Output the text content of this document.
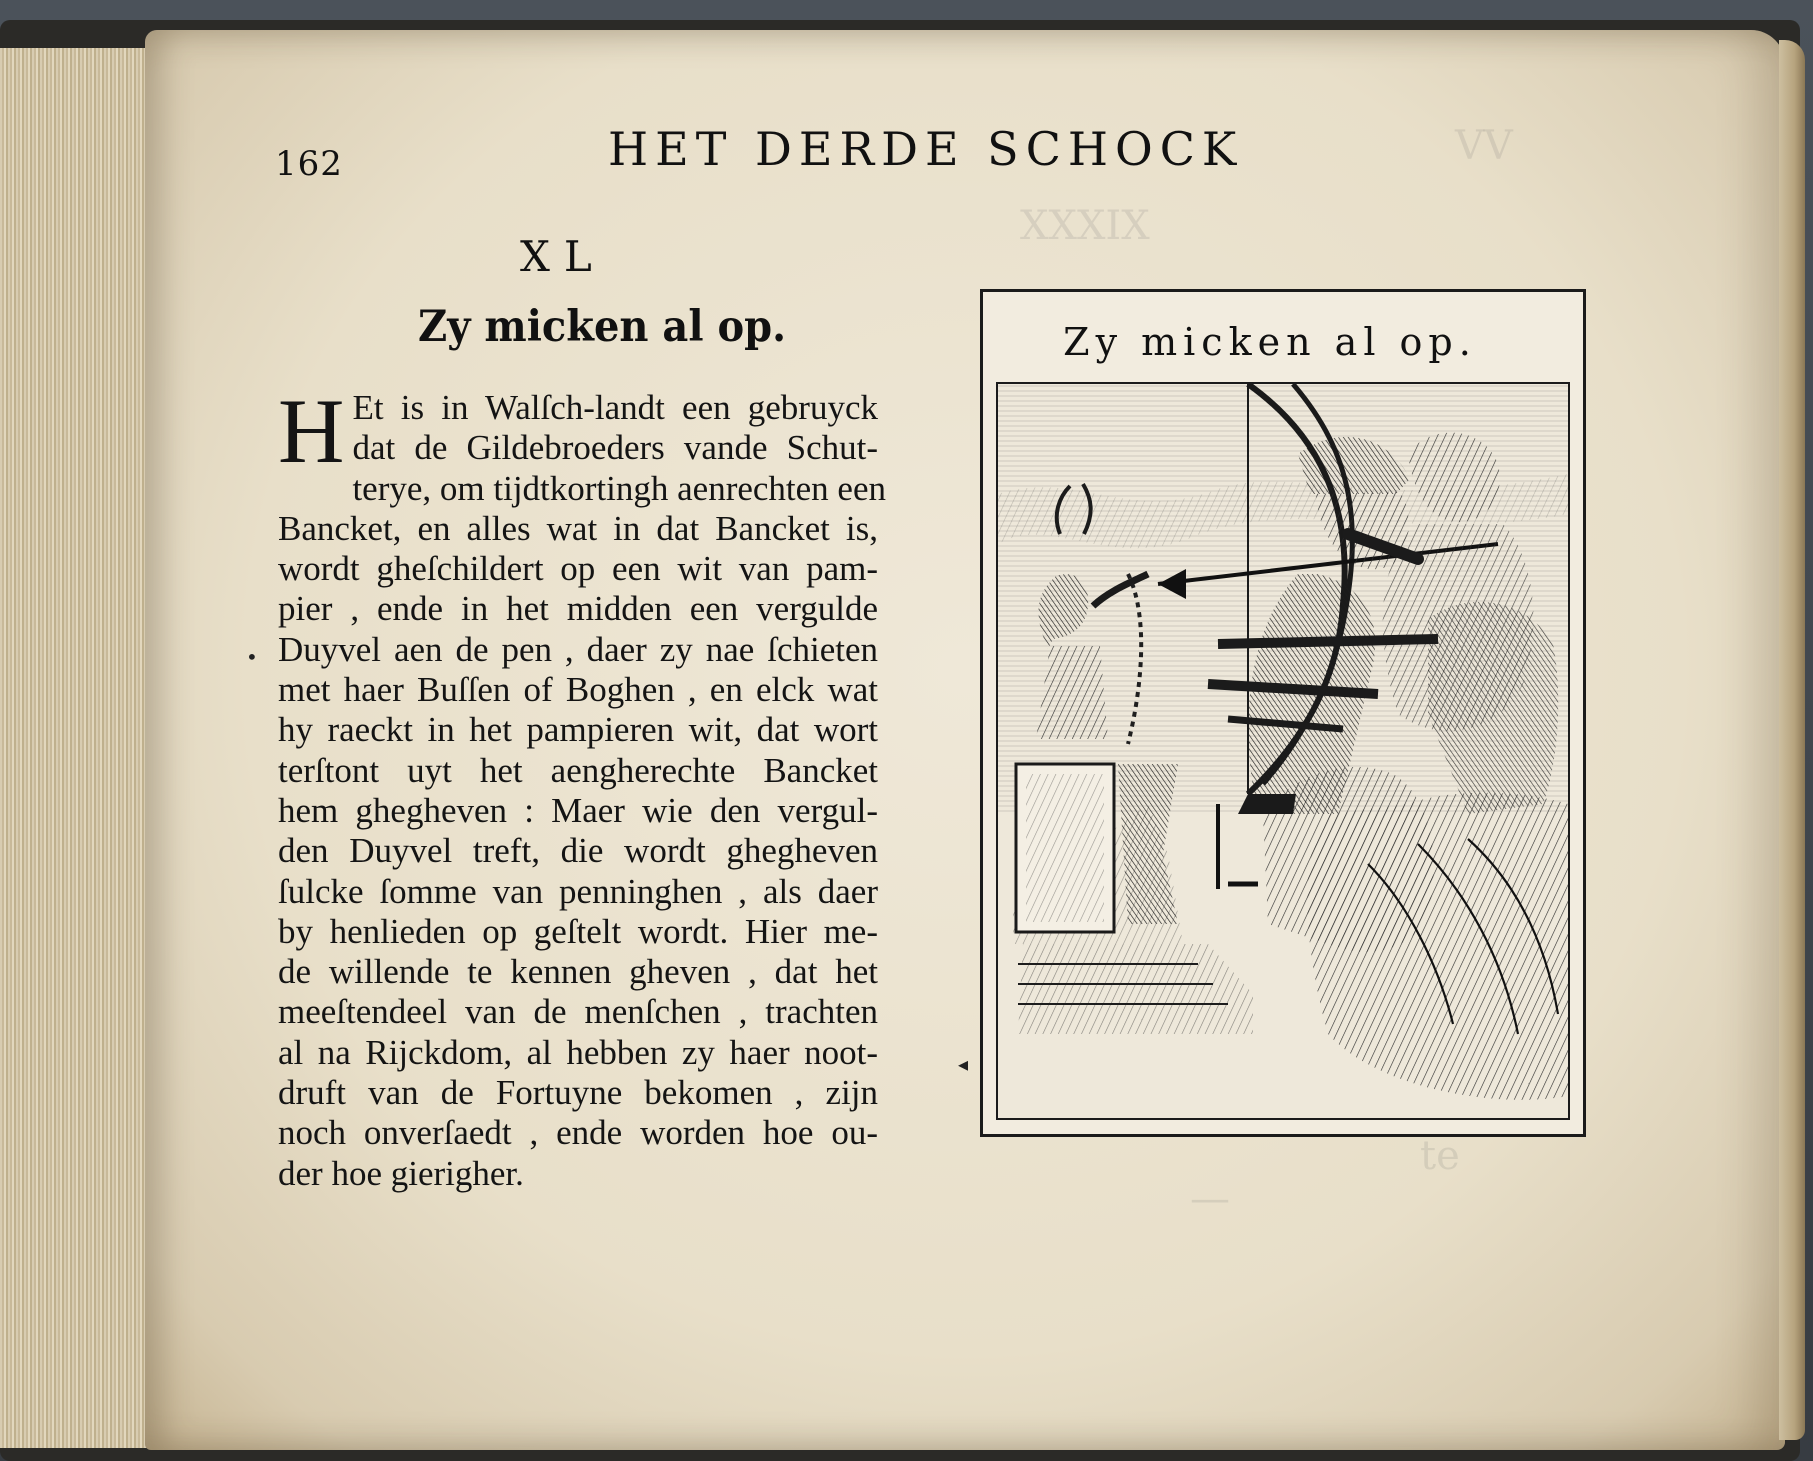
162	HET DERDE SCHOCK
XL
Zy micken al op.
H Et is in Walſch-landt een gebruyck
dat de Gildebroeders vande Schut-
terye, om tijdtkortingh aenrechten een
Bancket, en alles wat in dat Bancket is,
wordt gheſchildert op een wit van pam-
pier , ende in het midden een vergulde
Duyvel aen de pen , daer zy nae ſchieten
met haer Buſſen of Boghen , en elck wat
hy raeckt in het pampieren wit, dat wort
terſtont uyt het aengherechte Bancket
hem ghegheven : Maer wie den vergul-
den Duyvel treft, die wordt ghegheven
ſulcke ſomme van penninghen , als daer
by henlieden op geſtelt wordt. Hier me-
de willende te kennen gheven , dat het
meeſtendeel van de menſchen , trachten
al na Rijckdom, al hebben zy haer noot-
druft van de Fortuyne bekomen , zijn
noch onverſaedt , ende worden hoe ou-
der hoe gierigher.
•
◂
Zy micken al op.
